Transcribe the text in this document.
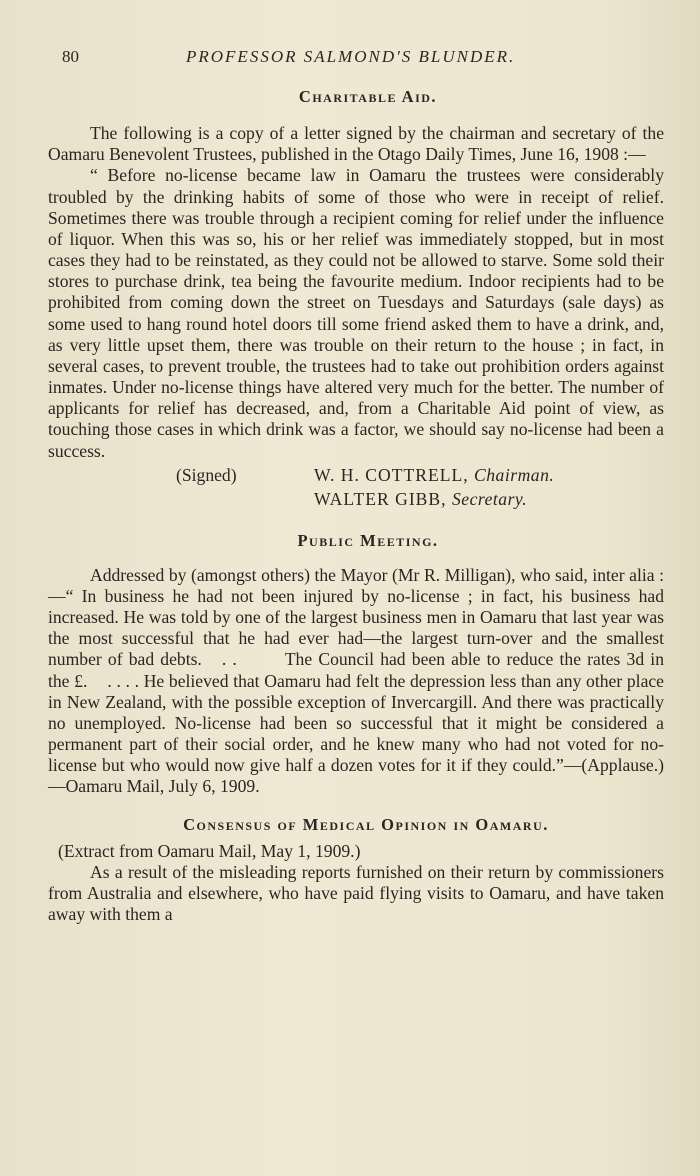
80	PROFESSOR SALMOND'S BLUNDER.
Charitable Aid.

The following is a copy of a letter signed by the chairman and secretary of the Oamaru Benevolent Trustees, published in the Otago Daily Times, June 16, 1908 :—

“ Before no-license became law in Oamaru the trustees were considerably troubled by the drinking habits of some of those who were in receipt of relief. Sometimes there was trouble through a recipient coming for relief under the influence of liquor. When this was so, his or her relief was immediately stopped, but in most cases they had to be reinstated, as they could not be allowed to starve. Some sold their stores to purchase drink, tea being the favourite medium. Indoor recipients had to be prohibited from coming down the street on Tuesdays and Saturdays (sale days) as some used to hang round hotel doors till some friend asked them to have a drink, and, as very little upset them, there was trouble on their return to the house ; in fact, in several cases, to prevent trouble, the trustees had to take out prohibition orders against inmates. Under no-license things have altered very much for the better. The number of applicants for relief has decreased, and, from a Charitable Aid point of view, as touching those cases in which drink was a factor, we should say no-license had been a success.

(Signed)	W. H. COTTRELL, Chairman.
WALTER GIBB, Secretary.
Public Meeting.

Addressed by (amongst others) the Mayor (Mr R. Milligan), who said, inter alia :—“ In business he had not been injured by no-license ; in fact, his business had increased. He was told by one of the largest business men in Oamaru that last year was the most successful that he had ever had—the largest turn-over and the smallest number of bad debts. . .	The Council had been able to reduce the rates 3d in the £. . . . . He believed that Oamaru had felt the depression less than any other place in New Zealand, with the possible exception of Invercargill. And there was practically no unemployed. No-license had been so successful that it might be considered a permanent part of their social order, and he knew many who had not voted for no-license but who would now give half a dozen votes for it if they could.”—(Applause.)—Oamaru Mail, July 6, 1909.

Consensus of Medical Opinion in Oamaru.

(Extract from Oamaru Mail, May 1, 1909.)

As a result of the misleading reports furnished on their return by commissioners from Australia and elsewhere, who have paid flying visits to Oamaru, and have taken away with them a
